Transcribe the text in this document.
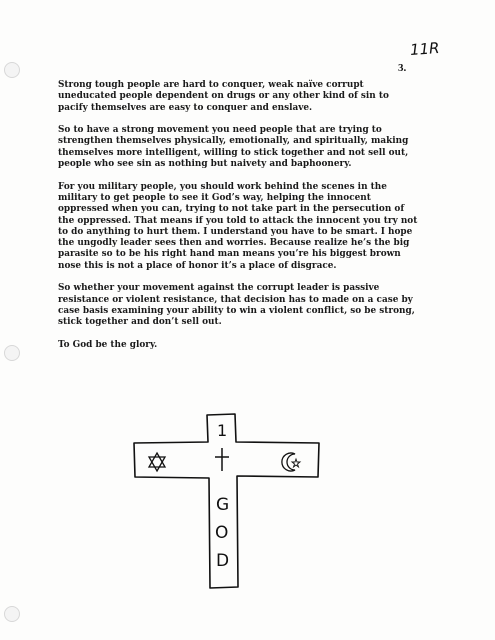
11R
3.

Strong tough people are hard to conquer, weak naïve corrupt uneducated people dependent on drugs or any other kind of sin to pacify themselves are easy to conquer and enslave.

So to have a strong movement you need people that are trying to strengthen themselves physically, emotionally, and spiritually, making themselves more intelligent, willing to stick together and not sell out, people who see sin as nothing but naivety and baphoonery.

For you military people, you should work behind the scenes in the military to get people to see it God’s way, helping the innocent oppressed when you can, trying to not take part in the persecution of the oppressed. That means if you told to attack the innocent you try not to do anything to hurt them. I understand you have to be smart. I hope the ungodly leader sees then and worries. Because realize he’s the big parasite so to be his right hand man means you’re his biggest brown nose this is not a place of honor it’s a place of disgrace.

So whether your movement against the corrupt leader is passive resistance or violent resistance, that decision has to made on a case by case basis examining your ability to win a violent conflict, so be strong, stick together and don’t sell out.

To God be the glory.

1
G
O
D
